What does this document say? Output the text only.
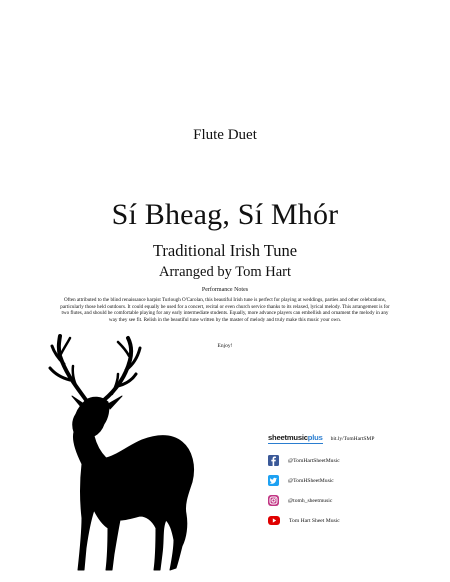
Flute Duet
Sí Bheag, Sí Mhór
Traditional Irish Tune
Arranged by Tom Hart
Performance Notes
Often attributed to the blind renaissance harpist Turlough O'Carolan, this beautiful Irish tune is perfect for playing at weddings, parties and other celebrations, particularly those held outdoors. It could equally be used for a concert, recital or even church service thanks to its relaxed, lyrical melody. This arrangement is for two flutes, and should be comfortable playing for any early intermediate students. Equally, more advance players can embellish and ornament the melody in any way they see fit. Relish in the beautiful tune written by the master of melody and truly make this music your own.
Enjoy!
sheetmusicplus bit.ly/TomHartSMP
@TomHartSheetMusic
@TomHSheetMusic
@tomh_sheetmusic
Tom Hart Sheet Music
